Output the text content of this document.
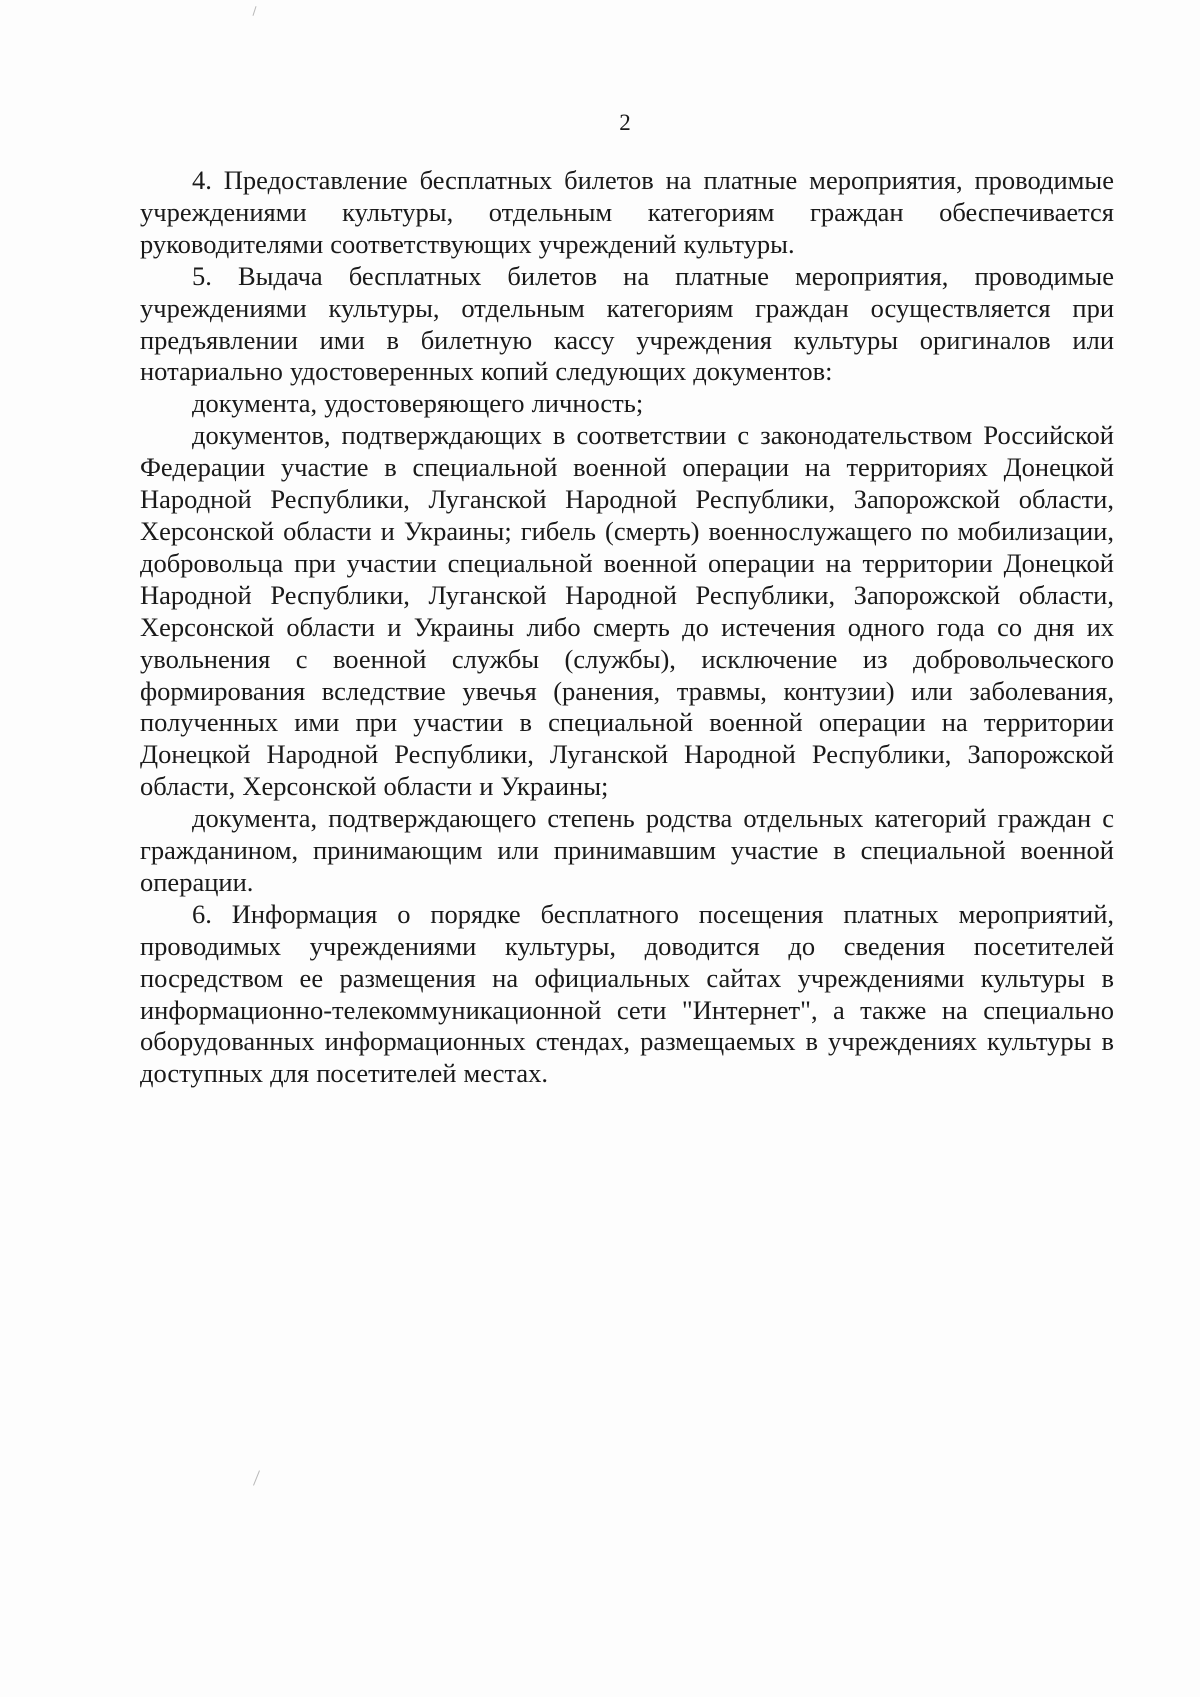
2

4. Предоставление бесплатных билетов на платные мероприятия, проводимые учреждениями культуры, отдельным категориям граждан обеспечивается руководителями соответствующих учреждений культуры.

5. Выдача бесплатных билетов на платные мероприятия, проводимые учреждениями культуры, отдельным категориям граждан осуществляется при предъявлении ими в билетную кассу учреждения культуры оригиналов или нотариально удостоверенных копий следующих документов:

документа, удостоверяющего личность;

документов, подтверждающих в соответствии с законодательством Российской Федерации участие в специальной военной операции на территориях Донецкой Народной Республики, Луганской Народной Республики, Запорожской области, Херсонской области и Украины; гибель (смерть) военнослужащего по мобилизации, добровольца при участии специальной военной операции на территории Донецкой Народной Республики, Луганской Народной Республики, Запорожской области, Херсонской области и Украины либо смерть до истечения одного года со дня их увольнения с военной службы (службы), исключение из добровольческого формирования вследствие увечья (ранения, травмы, контузии) или заболевания, полученных ими при участии в специальной военной операции на территории Донецкой Народной Республики, Луганской Народной Республики, Запорожской области, Херсонской области и Украины;

документа, подтверждающего степень родства отдельных категорий граждан с гражданином, принимающим или принимавшим участие в специальной военной операции.

6. Информация о порядке бесплатного посещения платных мероприятий, проводимых учреждениями культуры, доводится до сведения посетителей посредством ее размещения на официальных сайтах учреждениями культуры в информационно-телекоммуникационной сети "Интернет", а также на специально оборудованных информационных стендах, размещаемых в учреждениях культуры в доступных для посетителей местах.
